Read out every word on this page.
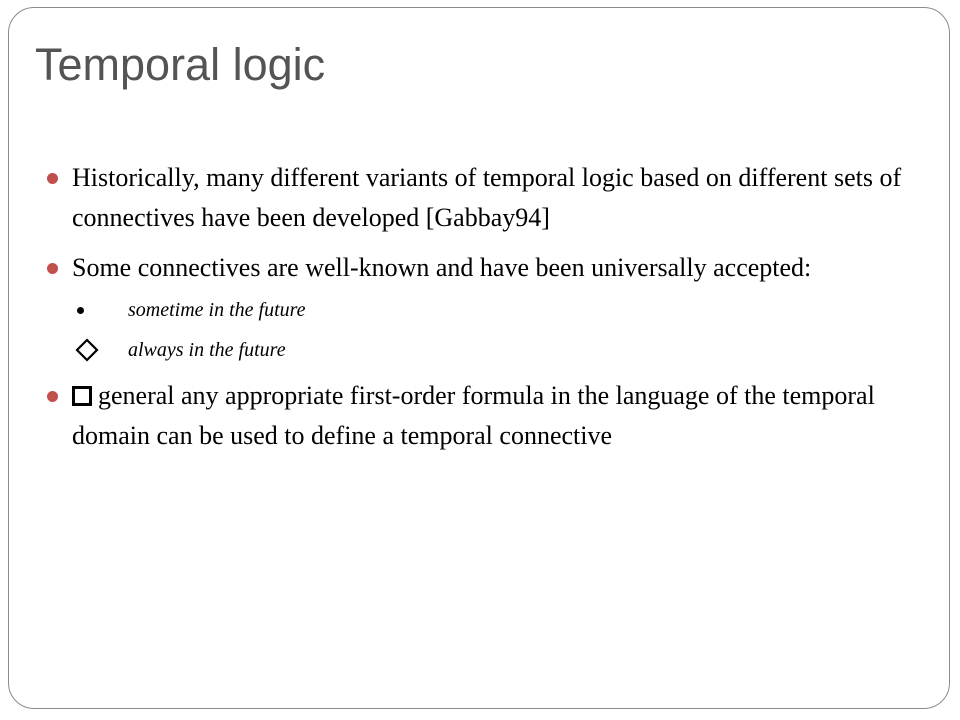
Temporal logic
Historically, many different variants of temporal logic based on different sets of connectives have been developed [Gabbay94]
Some connectives are well-known and have been universally accepted:
sometime in the future
always in the future
general any appropriate first-order formula in the language of the temporal domain can be used to define a temporal connective
